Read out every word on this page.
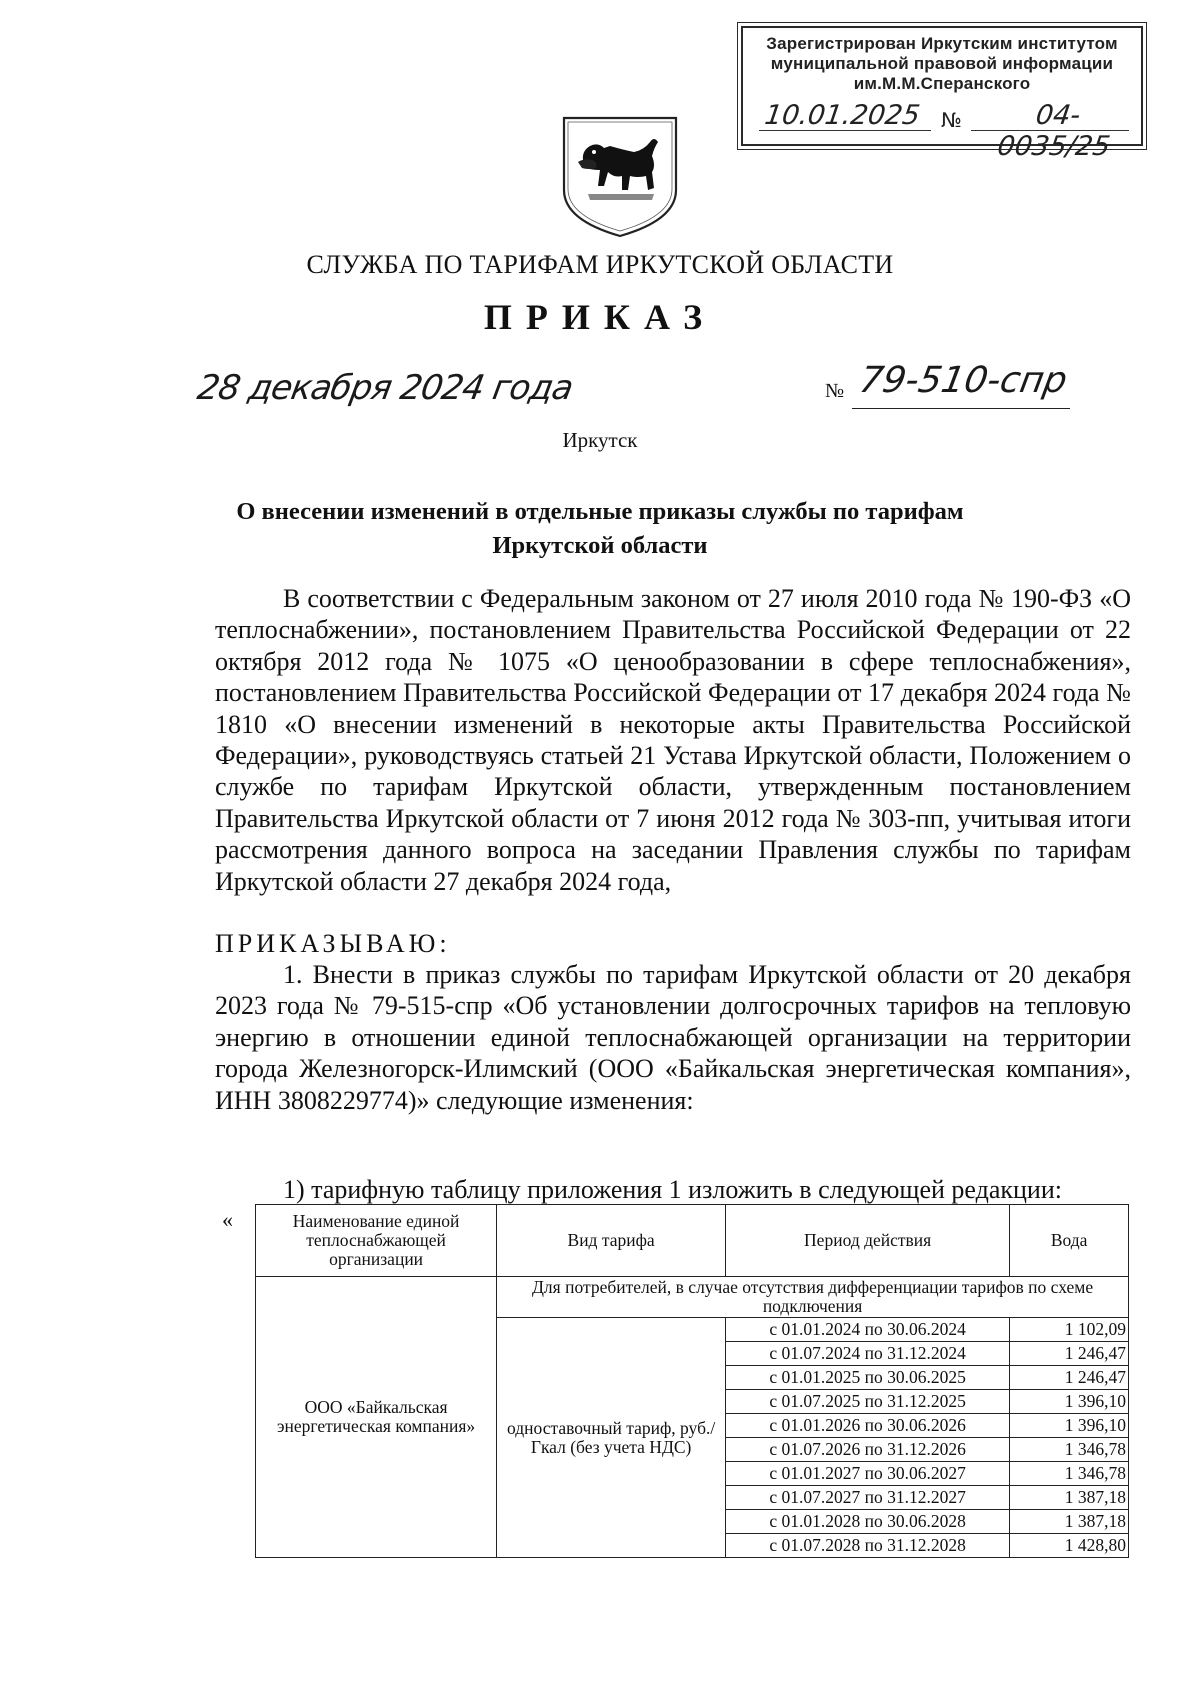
Зарегистрирован Иркутским институтом
муниципальной правовой информации
им.М.М.Сперанского
10.01.2025 №	04-0035/25
СЛУЖБА ПО ТАРИФАМ ИРКУТСКОЙ ОБЛАСТИ
ПРИКАЗ
28 декабря 2024 года	№ 79-510-спр
Иркутск
О внесении изменений в отдельные приказы службы по тарифам
Иркутской области
В соответствии с Федеральным законом от 27 июля 2010 года № 190-ФЗ «О теплоснабжении», постановлением Правительства Российской Федерации от 22 октября 2012 года № 1075 «О ценообразовании в сфере теплоснабжения», постановлением Правительства Российской Федерации от 17 декабря 2024 года № 1810 «О внесении изменений в некоторые акты Правительства Российской Федерации», руководствуясь статьей 21 Устава Иркутской области, Положением о службе по тарифам Иркутской области, утвержденным постановлением Правительства Иркутской области от 7 июня 2012 года № 303-пп, учитывая итоги рассмотрения данного вопроса на заседании Правления службы по тарифам Иркутской области 27 декабря 2024 года,
ПРИКАЗЫВАЮ:
1. Внести в приказ службы по тарифам Иркутской области от 20 декабря 2023 года № 79-515-спр «Об установлении долгосрочных тарифов на тепловую энергию в отношении единой теплоснабжающей организации на территории города Железногорск-Илимский (ООО «Байкальская энергетическая компания», ИНН 3808229774)» следующие изменения:
1) тарифную таблицу приложения 1 изложить в следующей редакции:
«	Наименование единой теплоснабжающей организации	Вид тарифа	Период действия	Вода
ООО «Байкальская энергетическая компания»	Для потребителей, в случае отсутствия дифференциации тарифов по схеме подключения		
	одноставочный тариф, руб./Гкал (без учета НДС)	с 01.01.2024 по 30.06.2024	1 102,09
		с 01.07.2024 по 31.12.2024	1 246,47
		с 01.01.2025 по 30.06.2025	1 246,47
		с 01.07.2025 по 31.12.2025	1 396,10
		с 01.01.2026 по 30.06.2026	1 396,10
		с 01.07.2026 по 31.12.2026	1 346,78
		с 01.01.2027 по 30.06.2027	1 346,78
		с 01.07.2027 по 31.12.2027	1 387,18
		с 01.01.2028 по 30.06.2028	1 387,18
		с 01.07.2028 по 31.12.2028	1 428,80
